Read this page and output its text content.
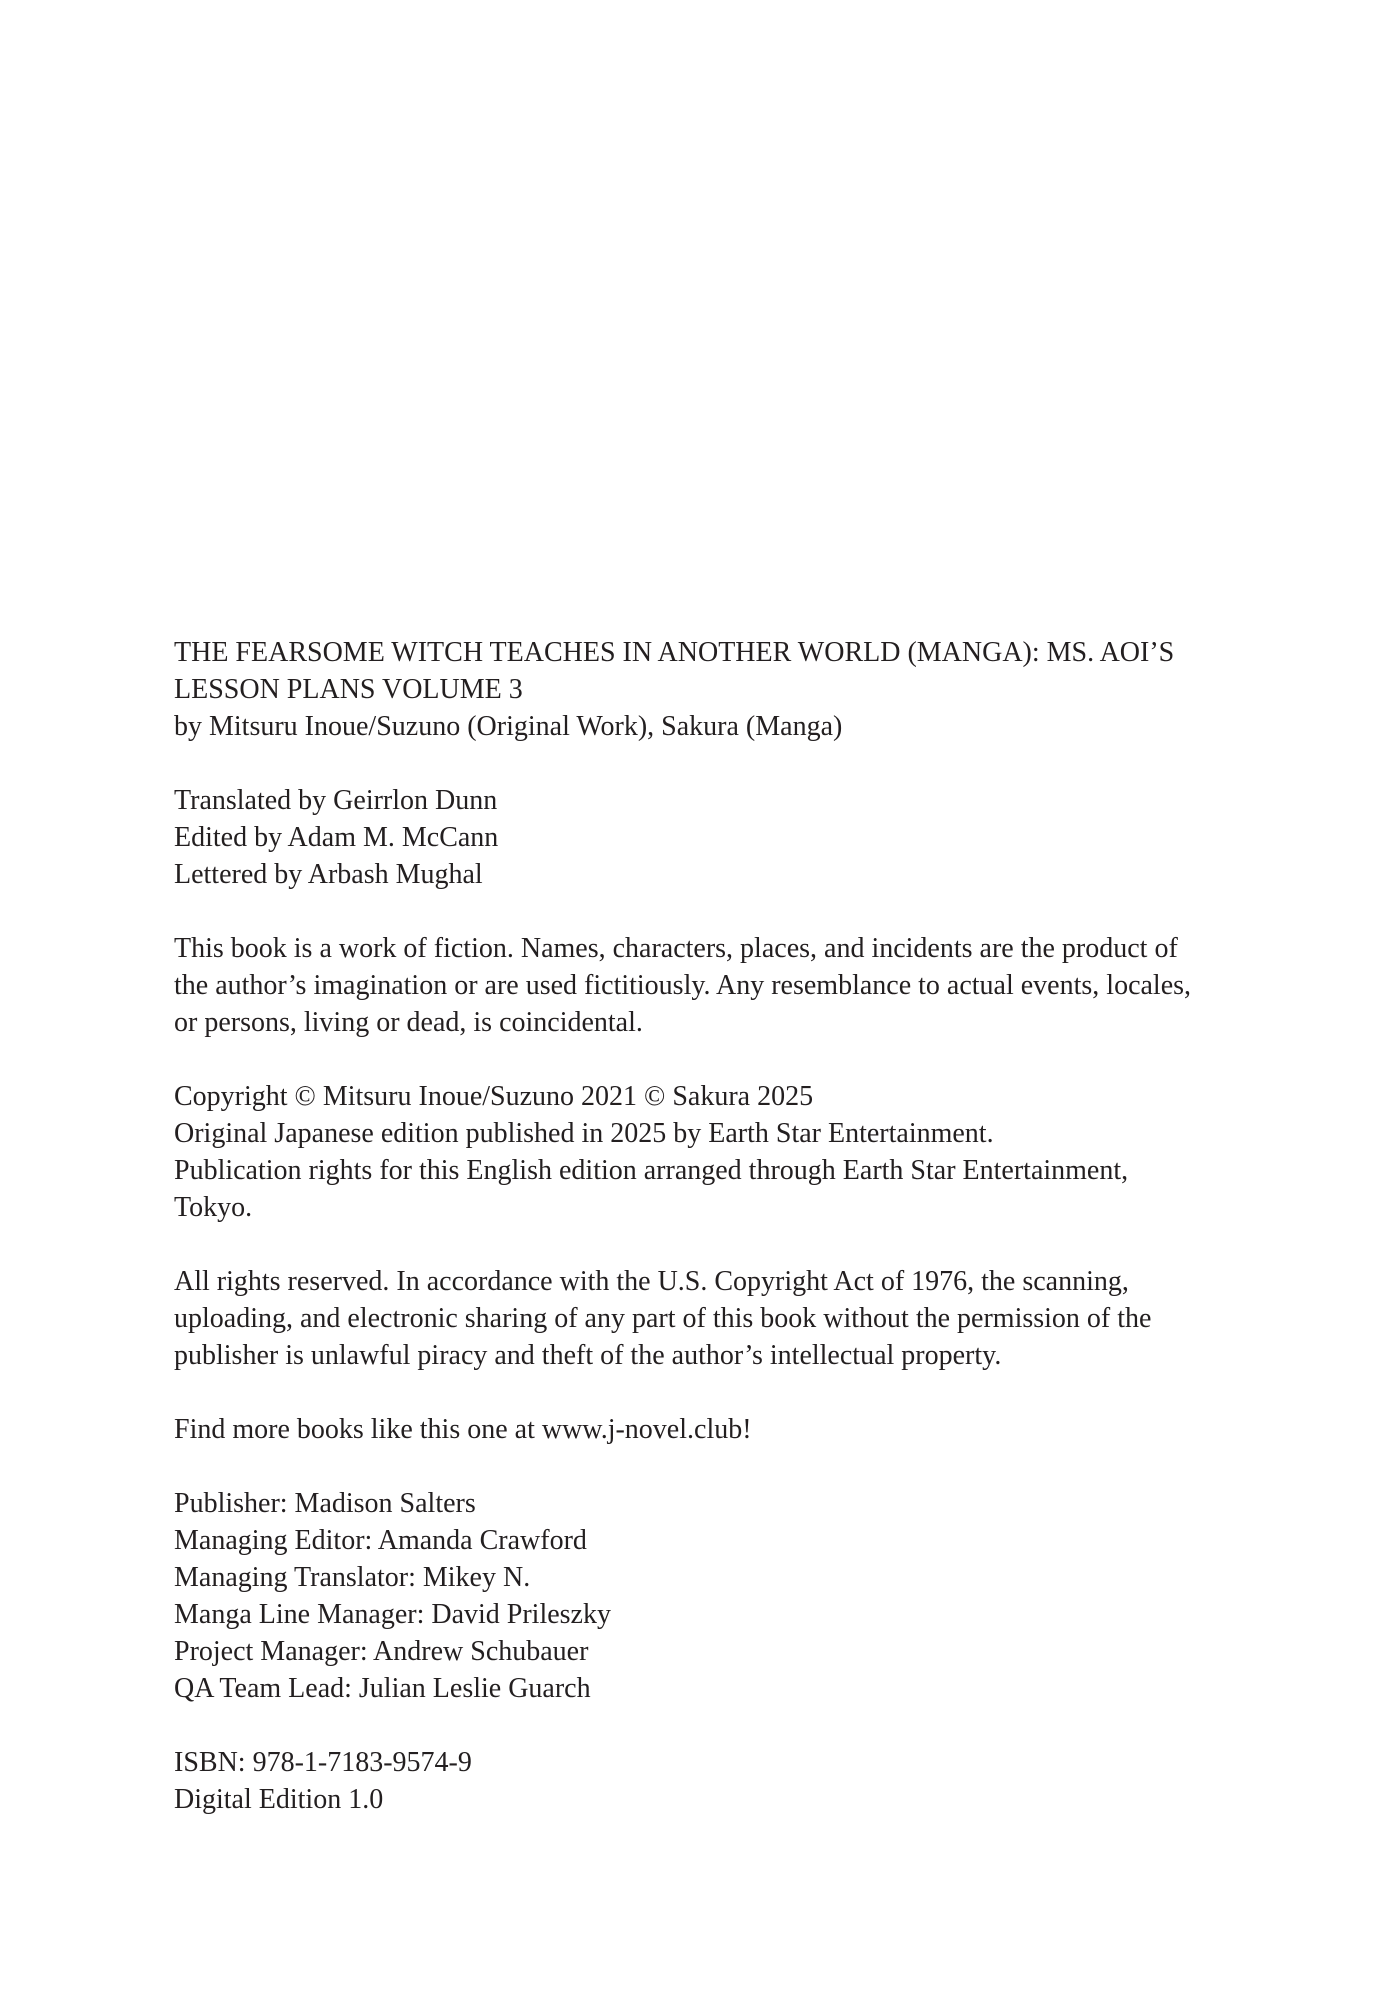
THE FEARSOME WITCH TEACHES IN ANOTHER WORLD (MANGA): MS. AOI’S
LESSON PLANS VOLUME 3
by Mitsuru Inoue/Suzuno (Original Work), Sakura (Manga)
Translated by Geirrlon Dunn
Edited by Adam M. McCann
Lettered by Arbash Mughal
This book is a work of fiction. Names, characters, places, and incidents are the product of
the author’s imagination or are used fictitiously. Any resemblance to actual events, locales,
or persons, living or dead, is coincidental.
Copyright © Mitsuru Inoue/Suzuno 2021 © Sakura 2025
Original Japanese edition published in 2025 by Earth Star Entertainment.
Publication rights for this English edition arranged through Earth Star Entertainment,
Tokyo.
All rights reserved. In accordance with the U.S. Copyright Act of 1976, the scanning,
uploading, and electronic sharing of any part of this book without the permission of the
publisher is unlawful piracy and theft of the author’s intellectual property.
Find more books like this one at www.j-novel.club!
Publisher: Madison Salters
Managing Editor: Amanda Crawford
Managing Translator: Mikey N.
Manga Line Manager: David Prileszky
Project Manager: Andrew Schubauer
QA Team Lead: Julian Leslie Guarch
ISBN: 978-1-7183-9574-9
Digital Edition 1.0
